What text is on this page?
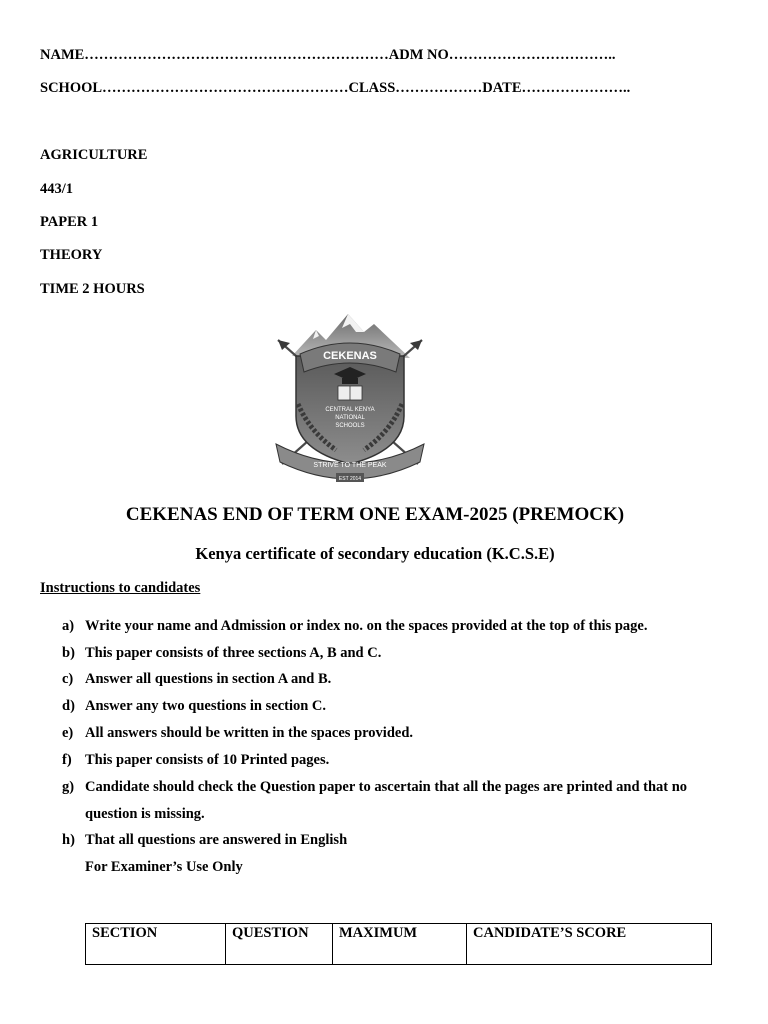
NAME………………………………………………………ADM NO……………………………..
SCHOOL……………………………………………CLASS………………DATE…………………..
AGRICULTURE
443/1
PAPER 1
THEORY
TIME 2 HOURS
CEKENAS
CENTRAL KENYA
NATIONAL
SCHOOLS
STRIVE TO THE PEAK
EST 2014
CEKENAS END OF TERM ONE EXAM-2025 (PREMOCK)
Kenya certificate of secondary education (K.C.S.E)
Instructions to candidates
a) Write your name and Admission or index no. on the spaces provided at the top of this page.
b) This paper consists of three sections A, B and C.
c) Answer all questions in section A and B.
d) Answer any two questions in section C.
e) All answers should be written in the spaces provided.
f) This paper consists of 10 Printed pages.
g) Candidate should check the Question paper to ascertain that all the pages are printed and that no
question is missing.
h) That all questions are answered in English
For Examiner’s Use Only
SECTION	QUESTION	MAXIMUM	CANDIDATE’S SCORE
